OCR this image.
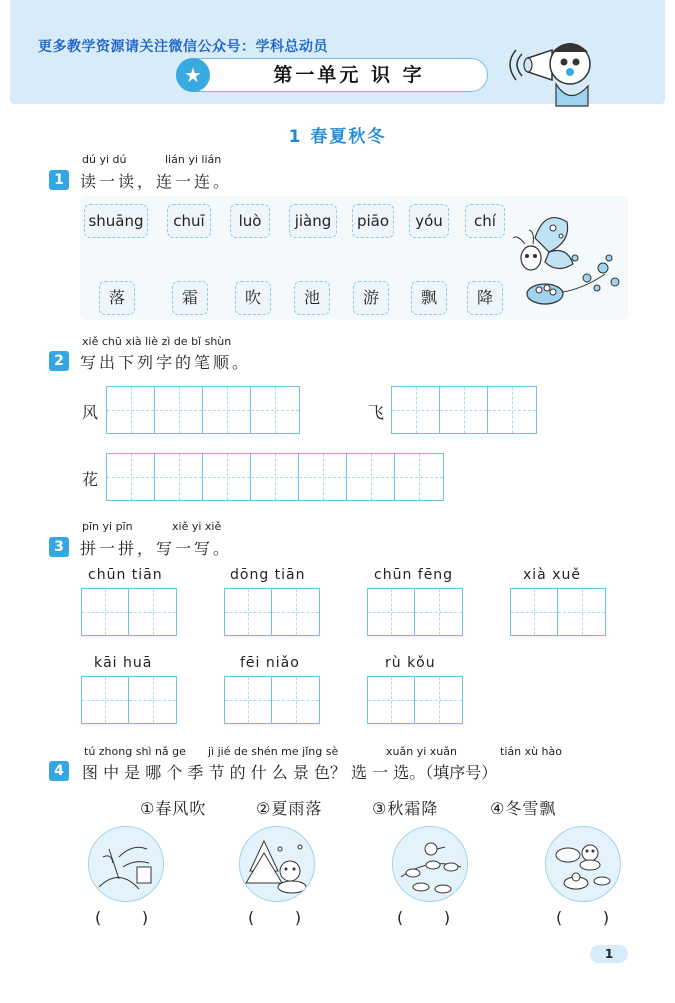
更多教学资源请关注微信公众号：学科总动员
★	第一单元 识 字
1 春夏秋冬
dú yi dú	lián yi lián
1	读一读，连一连。
shuāng	chuī	luò	jiàng	piāo	yóu	chí
落	霜	吹	池	游	飘	降
xiě chū xià liè zì de bǐ shùn
2	写出下列字的笔顺。
风	飞
花
pīn yi pīn	xiě yi xiě
3	拼一拼，写一写。
chūn tiān	dōng tiān	chūn fēng	xià xuě
kāi huā	fēi niǎo	rù kǒu
tú zhong shì nǎ ge jì jié de shén me jǐng sè	xuǎn yi xuǎn	tián xù hào
4	图 中 是 哪 个 季 节 的 什 么 景 色？ 选 一 选。（填序号）
①春风吹	②夏雨落	③秋霜降	④冬雪飘
(        )	(        )	(        )	(        )
1
